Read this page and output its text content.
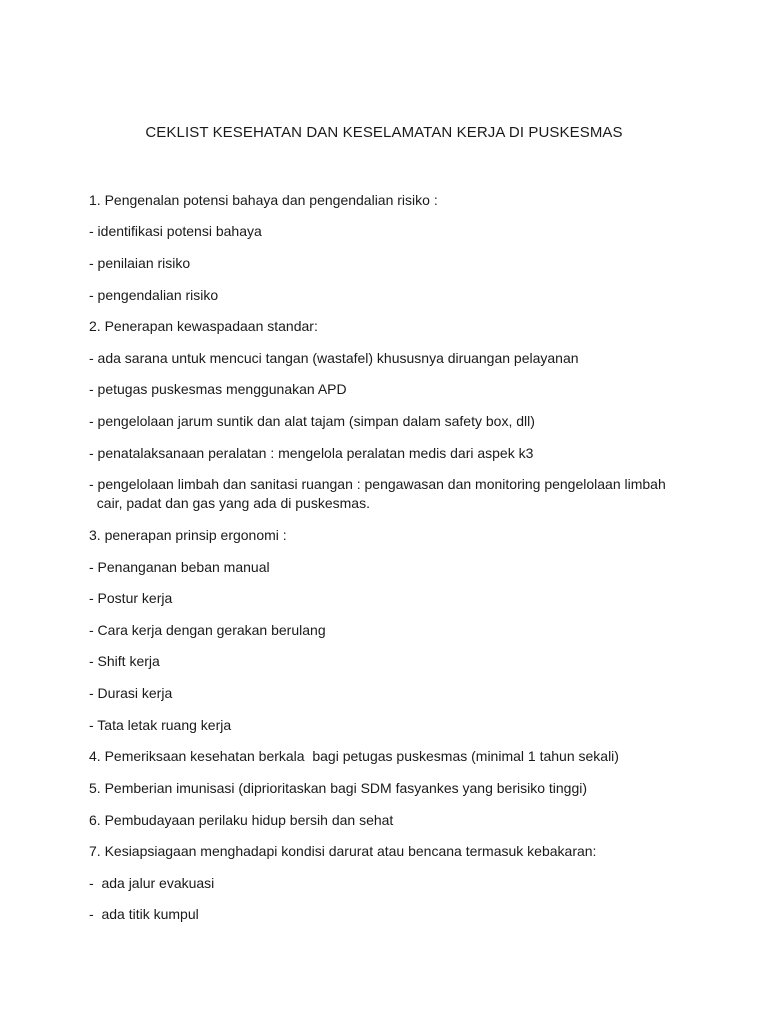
CEKLIST KESEHATAN DAN KESELAMATAN KERJA DI PUSKESMAS
1. Pengenalan potensi bahaya dan pengendalian risiko :
- identifikasi potensi bahaya
- penilaian risiko
- pengendalian risiko
2. Penerapan kewaspadaan standar:
- ada sarana untuk mencuci tangan (wastafel) khususnya diruangan pelayanan
- petugas puskesmas menggunakan APD
- pengelolaan jarum suntik dan alat tajam (simpan dalam safety box, dll)
- penatalaksanaan peralatan : mengelola peralatan medis dari aspek k3
- pengelolaan limbah dan sanitasi ruangan : pengawasan dan monitoring pengelolaan limbah
cair, padat dan gas yang ada di puskesmas.
3. penerapan prinsip ergonomi :
- Penanganan beban manual
- Postur kerja
- Cara kerja dengan gerakan berulang
- Shift kerja
- Durasi kerja
- Tata letak ruang kerja
4. Pemeriksaan kesehatan berkala  bagi petugas puskesmas (minimal 1 tahun sekali)
5. Pemberian imunisasi (diprioritaskan bagi SDM fasyankes yang berisiko tinggi)
6. Pembudayaan perilaku hidup bersih dan sehat
7. Kesiapsiagaan menghadapi kondisi darurat atau bencana termasuk kebakaran:
-  ada jalur evakuasi
-  ada titik kumpul
